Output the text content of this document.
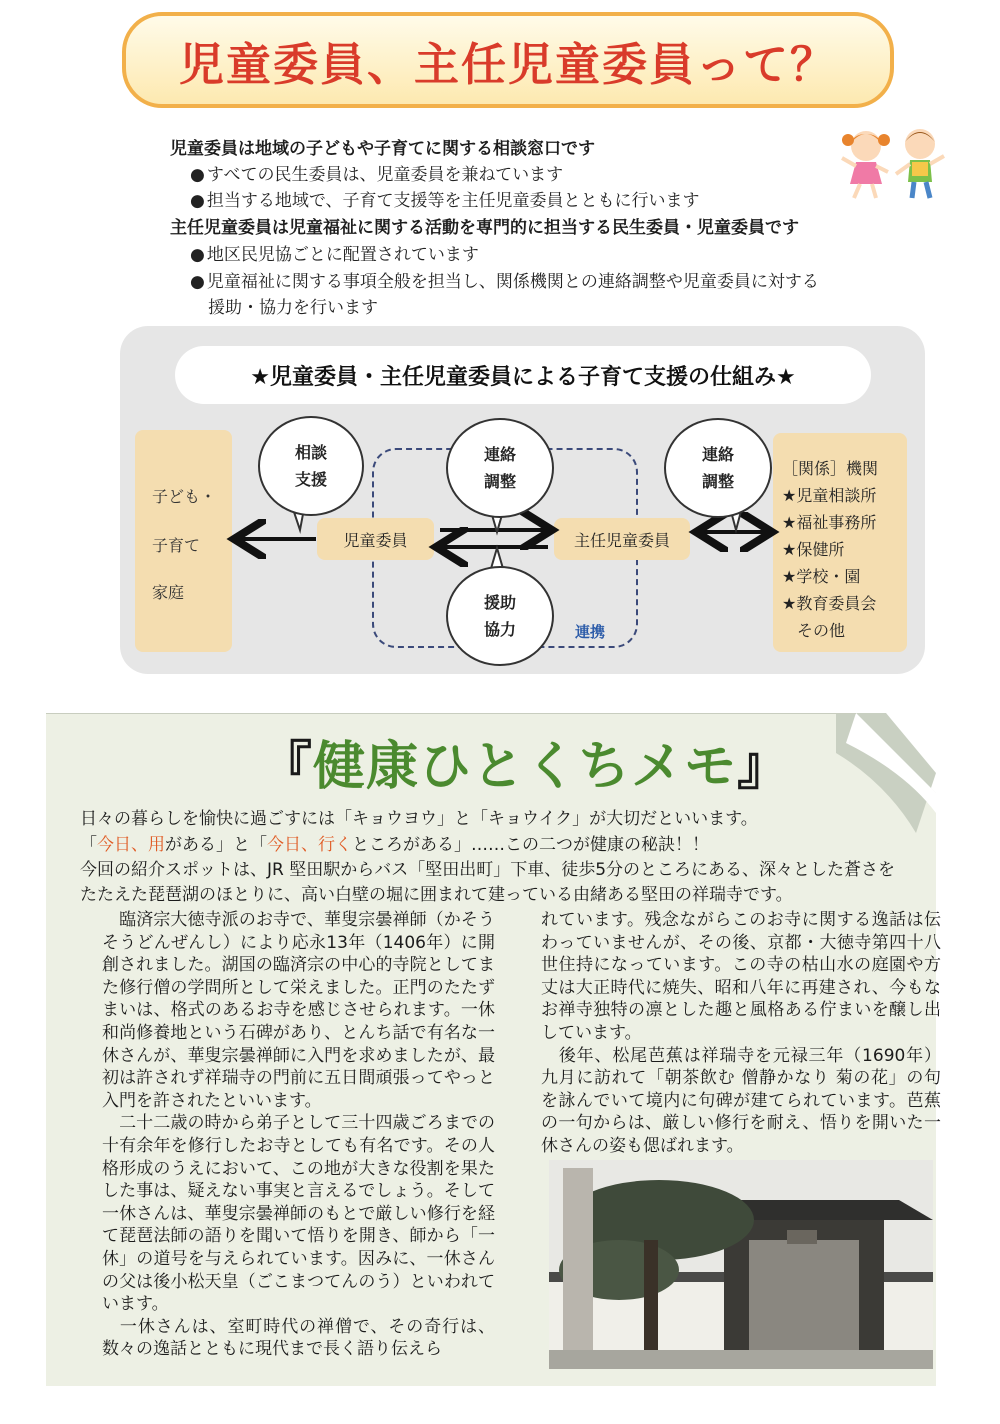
児童委員、主任児童委員って？
児童委員は地域の子どもや子育てに関する相談窓口です
● すべての民生委員は、児童委員を兼ねています
● 担当する地域で、子育て支援等を主任児童委員とともに行います
主任児童委員は児童福祉に関する活動を専門的に担当する民生委員・児童委員です
● 地区民児協ごとに配置されています
● 児童福祉に関する事項全般を担当し、関係機関との連絡調整や児童委員に対する
援助・協力を行います
★児童委員・主任児童委員による子育て支援の仕組み★
子ども・
子育て
家庭
連携
児童委員	主任児童委員
［関係］機関
★児童相談所
★福祉事務所
★保健所
★学校・園
★教育委員会
その他
相談
支援
連絡
調整
援助
協力
連絡
調整
『健康ひとくちメモ』
日々の暮らしを愉快に過ごすには「キョウヨウ」と「キョウイク」が大切だといいます。
「今日、用がある」と「今日、行くところがある」……この二つが健康の秘訣！！
今回の紹介スポットは、JR 堅田駅からバス「堅田出町」下車、徒歩5分のところにある、深々とした蒼さを
たたえた琵琶湖のほとりに、高い白壁の堀に囲まれて建っている由緒ある堅田の祥瑞寺です。

　臨済宗大徳寺派のお寺で、華叟宗曇禅師（かそうそうどんぜんし）により応永13年（1406年）に開創されました。湖国の臨済宗の中心的寺院としてまた修行僧の学問所として栄えました。正門のたたずまいは、格式のあるお寺を感じさせられます。一休和尚修養地という石碑があり、とんち話で有名な一休さんが、華叟宗曇禅師に入門を求めましたが、最初は許されず祥瑞寺の門前に五日間頑張ってやっと入門を許されたといいます。

　二十二歳の時から弟子として三十四歳ごろまでの十有余年を修行したお寺としても有名です。その人格形成のうえにおいて、この地が大きな役割を果たした事は、疑えない事実と言えるでしょう。そして一休さんは、華叟宗曇禅師のもとで厳しい修行を経て琵琶法師の語りを聞いて悟りを開き、師から「一休」の道号を与えられています。因みに、一休さんの父は後小松天皇（ごこまつてんのう）といわれています。

　一休さんは、室町時代の禅僧で、その奇行は、数々の逸話とともに現代まで長く語り伝えら

れています。残念ながらこのお寺に関する逸話は伝わっていませんが、その後、京都・大徳寺第四十八世住持になっています。この寺の枯山水の庭園や方丈は大正時代に焼失、昭和八年に再建され、今もなお禅寺独特の凛とした趣と風格ある佇まいを醸し出しています。

　後年、松尾芭蕉は祥瑞寺を元禄三年（1690年）九月に訪れて「朝茶飲む 僧静かなり 菊の花」の句を詠んでいて境内に句碑が建てられています。芭蕉の一句からは、厳しい修行を耐え、悟りを開いた一休さんの姿も偲ばれます。
